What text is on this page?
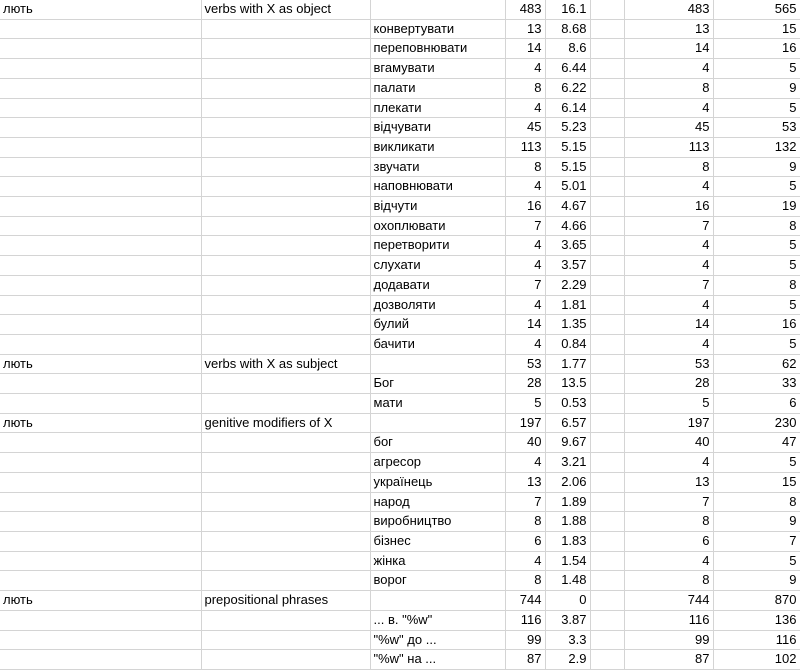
лють	verbs with X as object		483	16.1		483	565
		конвертувати	13	8.68		13	15
		переповнювати	14	8.6		14	16
		вгамувати	4	6.44		4	5
		палати	8	6.22		8	9
		плекати	4	6.14		4	5
		відчувати	45	5.23		45	53
		викликати	113	5.15		113	132
		звучати	8	5.15		8	9
		наповнювати	4	5.01		4	5
		відчути	16	4.67		16	19
		охоплювати	7	4.66		7	8
		перетворити	4	3.65		4	5
		слухати	4	3.57		4	5
		додавати	7	2.29		7	8
		дозволяти	4	1.81		4	5
		булий	14	1.35		14	16
		бачити	4	0.84		4	5
лють	verbs with X as subject		53	1.77		53	62
		Бог	28	13.5		28	33
		мати	5	0.53		5	6
лють	genitive modifiers of X		197	6.57		197	230
		бог	40	9.67		40	47
		агресор	4	3.21		4	5
		українець	13	2.06		13	15
		народ	7	1.89		7	8
		виробництво	8	1.88		8	9
		бізнес	6	1.83		6	7
		жінка	4	1.54		4	5
		ворог	8	1.48		8	9
лють	prepositional phrases		744	0		744	870
		... в. "%w"	116	3.87		116	136
		"%w" до ...	99	3.3		99	116
		"%w" на ...	87	2.9		87	102
